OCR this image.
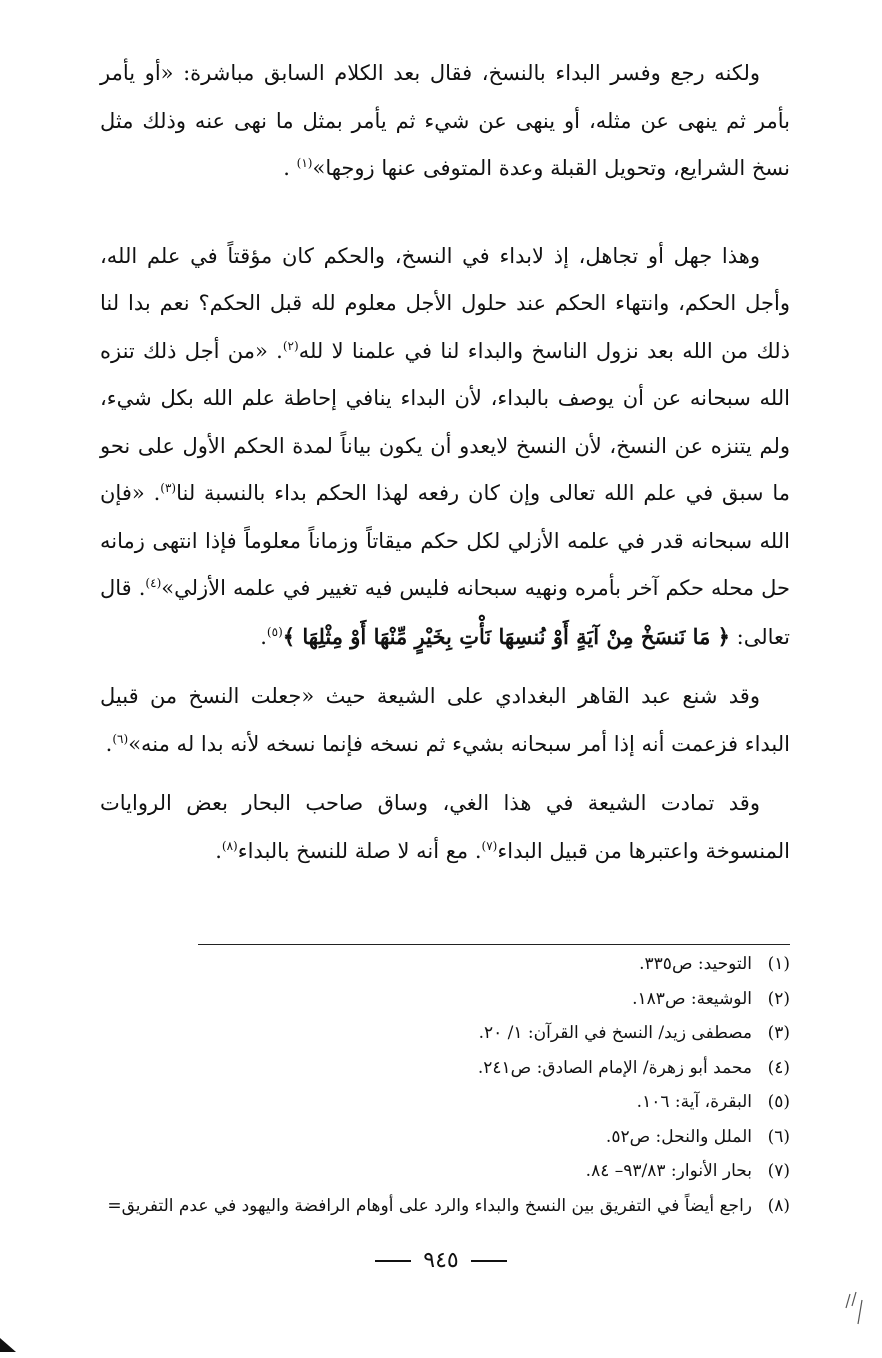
ولكنه رجع وفسر البداء بالنسخ، فقال بعد الكلام السابق مباشرة: «أو يأمر بأمر ثم ينهى عن مثله، أو ينهى عن شيء ثم يأمر بمثل ما نهى عنه وذلك مثل نسخ الشرايع، وتحويل القبلة وعدة المتوفى عنها زوجها»$^{(١)}$ .

وهذا جهل أو تجاهل، إذ لابداء في النسخ، والحكم كان مؤقتاً في علم الله، وأجل الحكم، وانتهاء الحكم عند حلول الأجل معلوم لله قبل الحكم؟ نعم بدا لنا ذلك من الله بعد نزول الناسخ والبداء لنا في علمنا لا لله$^{(٢)}$. «من أجل ذلك تنزه الله سبحانه عن أن يوصف بالبداء، لأن البداء ينافي إحاطة علم الله بكل شيء، ولم يتنزه عن النسخ، لأن النسخ لايعدو أن يكون بياناً لمدة الحكم الأول على نحو ما سبق في علم الله تعالى وإن كان رفعه لهذا الحكم بداء بالنسبة لنا$^{(٣)}$. «فإن الله سبحانه قدر في علمه الأزلي لكل حكم ميقاتاً وزماناً معلوماً فإذا انتهى زمانه حل محله حكم آخر بأمره ونهيه سبحانه فليس فيه تغيير في علمه الأزلي»$^{(٤)}$. قال تعالى: ﴿ مَا نَنسَخْ مِنْ آيَةٍ أَوْ نُنسِهَا نَأْتِ بِخَيْرٍ مِّنْهَا أَوْ مِثْلِهَا ﴾$^{(٥)}$.

وقد شنع عبد القاهر البغدادي على الشيعة حيث «جعلت النسخ من قبيل البداء فزعمت أنه إذا أمر سبحانه بشيء ثم نسخه فإنما نسخه لأنه بدا له منه»$^{(٦)}$.

وقد تمادت الشيعة في هذا الغي، وساق صاحب البحار بعض الروايات المنسوخة واعتبرها من قبيل البداء$^{(٧)}$. مع أنه لا صلة للنسخ بالبداء$^{(٨)}$.

(١)التوحيد: ص٣٣٥.
(٢)الوشيعة: ص١٨٣.
(٣)مصطفى زيد/ النسخ في القرآن: ١/ ٢٠.
(٤)محمد أبو زهرة/ الإمام الصادق: ص٢٤١.
(٥)البقرة، آية: ١٠٦.
(٦)الملل والنحل: ص٥٢.
(٧)بحار الأنوار: ٩٣/٨٣– ٨٤.
(٨)راجع أيضاً في التفريق بين النسخ والبداء والرد على أوهام الرافضة واليهود في عدم التفريق=
٩٤٥
